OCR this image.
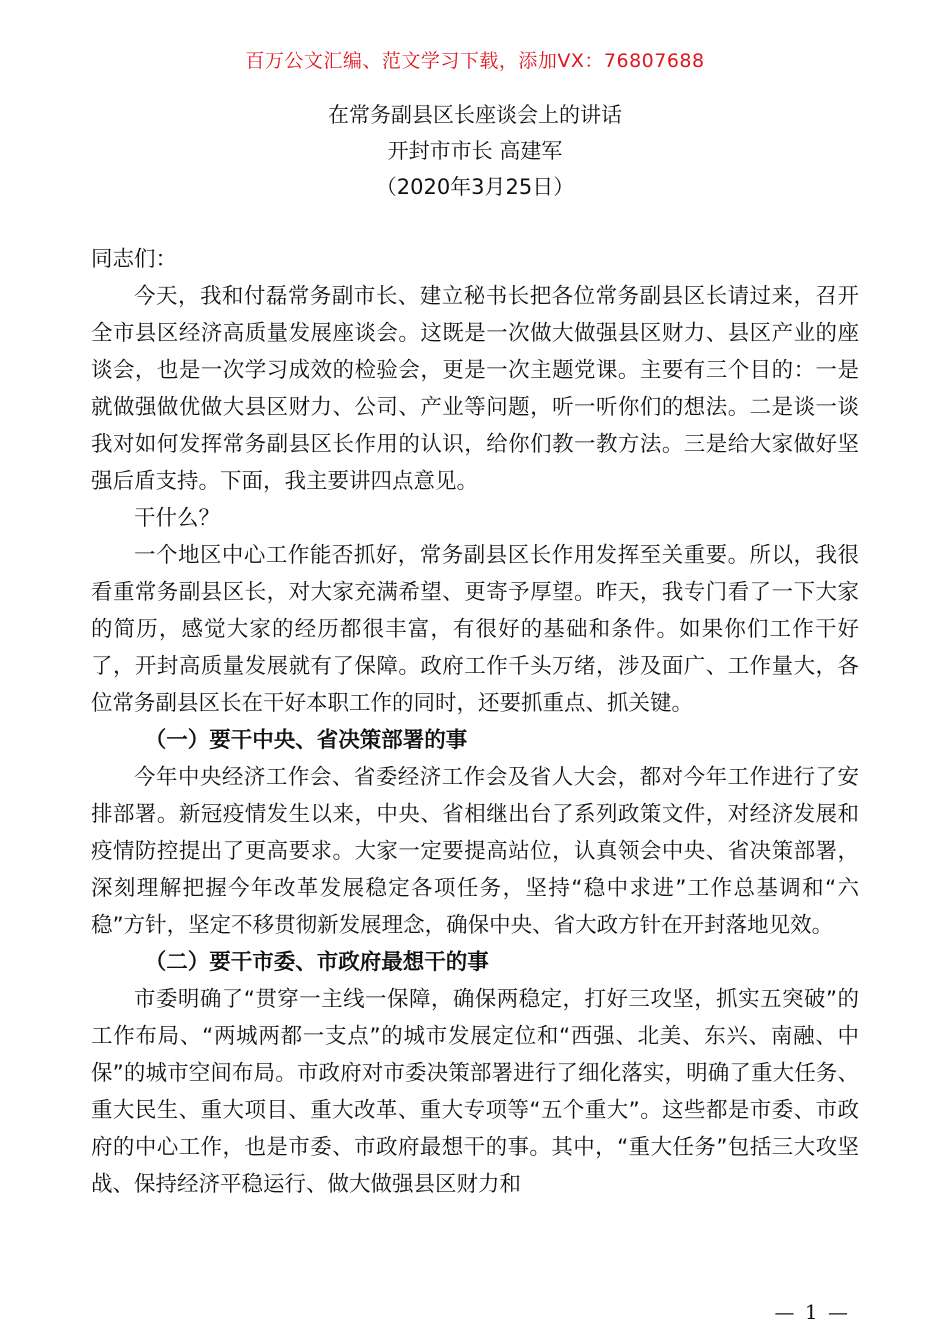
百万公文汇编、范文学习下载，添加VX：76807688
在常务副县区长座谈会上的讲话
开封市市长 高建军
（2020年3月25日）

同志们：

今天，我和付磊常务副市长、建立秘书长把各位常务副县区长请过来，召开全市县区经济高质量发展座谈会。这既是一次做大做强县区财力、县区产业的座谈会，也是一次学习成效的检验会，更是一次主题党课。主要有三个目的：一是就做强做优做大县区财力、公司、产业等问题，听一听你们的想法。二是谈一谈我对如何发挥常务副县区长作用的认识，给你们教一教方法。三是给大家做好坚强后盾支持。下面，我主要讲四点意见。

干什么？

一个地区中心工作能否抓好，常务副县区长作用发挥至关重要。所以，我很看重常务副县区长，对大家充满希望、更寄予厚望。昨天，我专门看了一下大家的简历，感觉大家的经历都很丰富，有很好的基础和条件。如果你们工作干好了，开封高质量发展就有了保障。政府工作千头万绪，涉及面广、工作量大，各位常务副县区长在干好本职工作的同时，还要抓重点、抓关键。

（一）要干中央、省决策部署的事

今年中央经济工作会、省委经济工作会及省人大会，都对今年工作进行了安排部署。新冠疫情发生以来，中央、省相继出台了系列政策文件，对经济发展和疫情防控提出了更高要求。大家一定要提高站位，认真领会中央、省决策部署，深刻理解把握今年改革发展稳定各项任务，坚持“稳中求进”工作总基调和“六稳”方针，坚定不移贯彻新发展理念，确保中央、省大政方针在开封落地见效。

（二）要干市委、市政府最想干的事

市委明确了“贯穿一主线一保障，确保两稳定，打好三攻坚，抓实五突破”的工作布局、“两城两都一支点”的城市发展定位和“西强、北美、东兴、南融、中保”的城市空间布局。市政府对市委决策部署进行了细化落实，明确了重大任务、重大民生、重大项目、重大改革、重大专项等“五个重大”。这些都是市委、市政府的中心工作，也是市委、市政府最想干的事。其中，“重大任务”包括三大攻坚战、保持经济平稳运行、做大做强县区财力和

— 1 —
